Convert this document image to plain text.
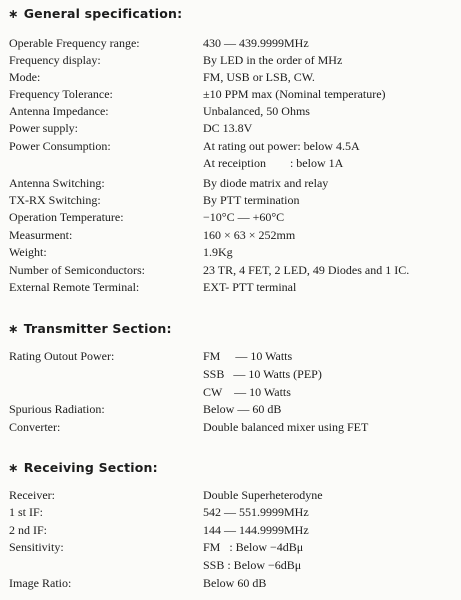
∗ General specification:
Operable Frequency range:	430 — 439.9999MHz
Frequency display:	By LED in the order of MHz
Mode:	FM, USB or LSB, CW.
Frequency Tolerance:	±10 PPM max (Nominal temperature)
Antenna Impedance:	Unbalanced, 50 Ohms
Power supply:	DC 13.8V
Power Consumption:	At rating out power: below 4.5A
At receiption        : below 1A
Antenna Switching:	By diode matrix and relay
TX-RX Switching:	By PTT termination
Operation Temperature:	−10°C — +60°C
Measurment:	160 × 63 × 252mm
Weight:	1.9Kg
Number of Semiconductors:	23 TR, 4 FET, 2 LED, 49 Diodes and 1 IC.
External Remote Terminal:	EXT- PTT terminal
∗ Transmitter Section:
Rating Outout Power:	FM     — 10 Watts
SSB   — 10 Watts (PEP)
CW    — 10 Watts
Spurious Radiation:	Below — 60 dB
Converter:	Double balanced mixer using FET
∗ Receiving Section:
Receiver:	Double Superheterodyne
1 st IF:	542 — 551.9999MHz
2 nd IF:	144 — 144.9999MHz
Sensitivity:	FM   : Below −4dBμ
SSB : Below −6dBμ
Image Ratio:	Below 60 dB
